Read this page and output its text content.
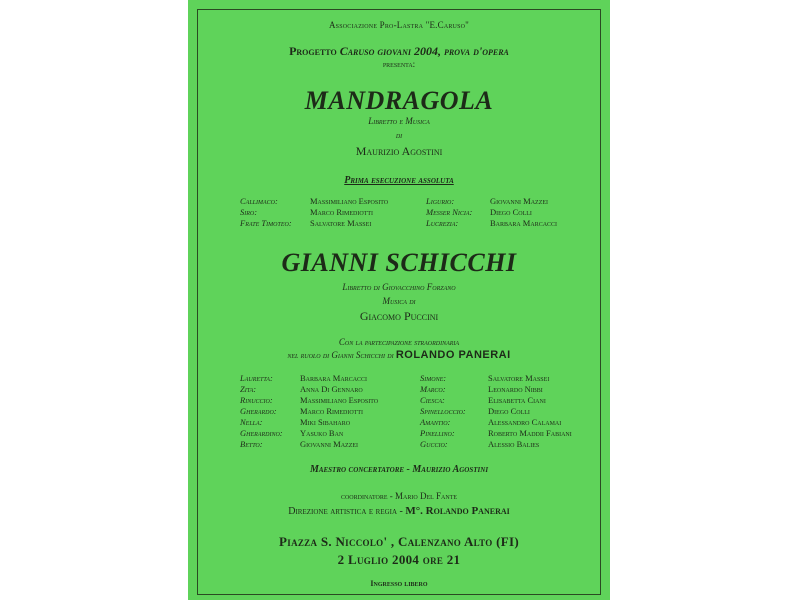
Associazione Pro-Lastra "E.Caruso"
Progetto Caruso giovani 2004, prova d'opera
presenta:
MANDRAGOLA
Libretto e Musica
di
Maurizio Agostini
Prima esecuzione assoluta
Callimaco:	Massimiliano Esposito
Siro:	Marco Rimediotti
Frate Timoteo: Salvatore Massei
Ligurio:	Giovanni Mazzei
Messer Nicia: Diego Colli
Lucrezia:	Barbara Marcacci
GIANNI SCHICCHI
Libretto di Giovacchino Forzano
Musica di
Giacomo Puccini
Con la partecipazione straordinaria
nel ruolo di Gianni Schicchi di ROLANDO PANERAI
Lauretta:	Barbara Marcacci
Zita:	Anna Di Gennaro
Rinuccio:	Massimiliano Esposito
Gherardo:	Marco Rimediotti
Nella:	Miki Sibaharo
Gherardino: Yasuko Ban
Betto:	Giovanni Mazzei
Simone:	Salvatore Massei
Marco:	Leonardo Nibbi
Ciesca:	Elisabetta Ciani
Spinelloccio:	Diego Colli
Amantio:	Alessandro Calamai
Pinellino:	Roberto Maddii Fabiani
Guccio:	Alessio Balies
Maestro concertatore - Maurizio Agostini
coordinatore - Mario Del Fante
Direzione artistica e regia - M°. Rolando Panerai
Piazza S. Niccolo' , Calenzano Alto (FI)
2 Luglio 2004 ore 21
Ingresso libero
